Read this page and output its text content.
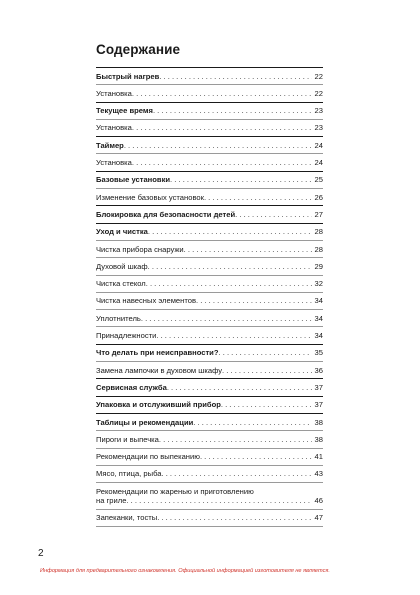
Содержание
Быстрый нагрев . . .	22
Установка . . .	22
Текущее время . . .	23
Установка . . .	23
Таймер . . .	24
Установка . . .	24
Базовые установки . . .	25
Изменение базовых установок . . .	26
Блокировка для безопасности детей . . .	27
Уход и чистка . . .	28
Чистка прибора снаружи . . .	28
Духовой шкаф . . .	29
Чистка стекол . . .	32
Чистка навесных элементов . . .	34
Уплотнитель . . .	34
Принадлежности . . .	34
Что делать при неисправности? . . .	35
Замена лампочки в духовом шкафу . . .	36
Сервисная служба . . .	37
Упаковка и отслуживший прибор . . .	37
Таблицы и рекомендации . . .	38
Пироги и выпечка . . .	38
Рекомендации по выпеканию . . .	41
Мясо, птица, рыба . . .	43
Рекомендации по жаренью и приготовлению
на гриле . . .	46
Запеканки, тосты . . .	47
2
Информация для предварительного ознакомления. Официальной информацией изготовителя не является.
